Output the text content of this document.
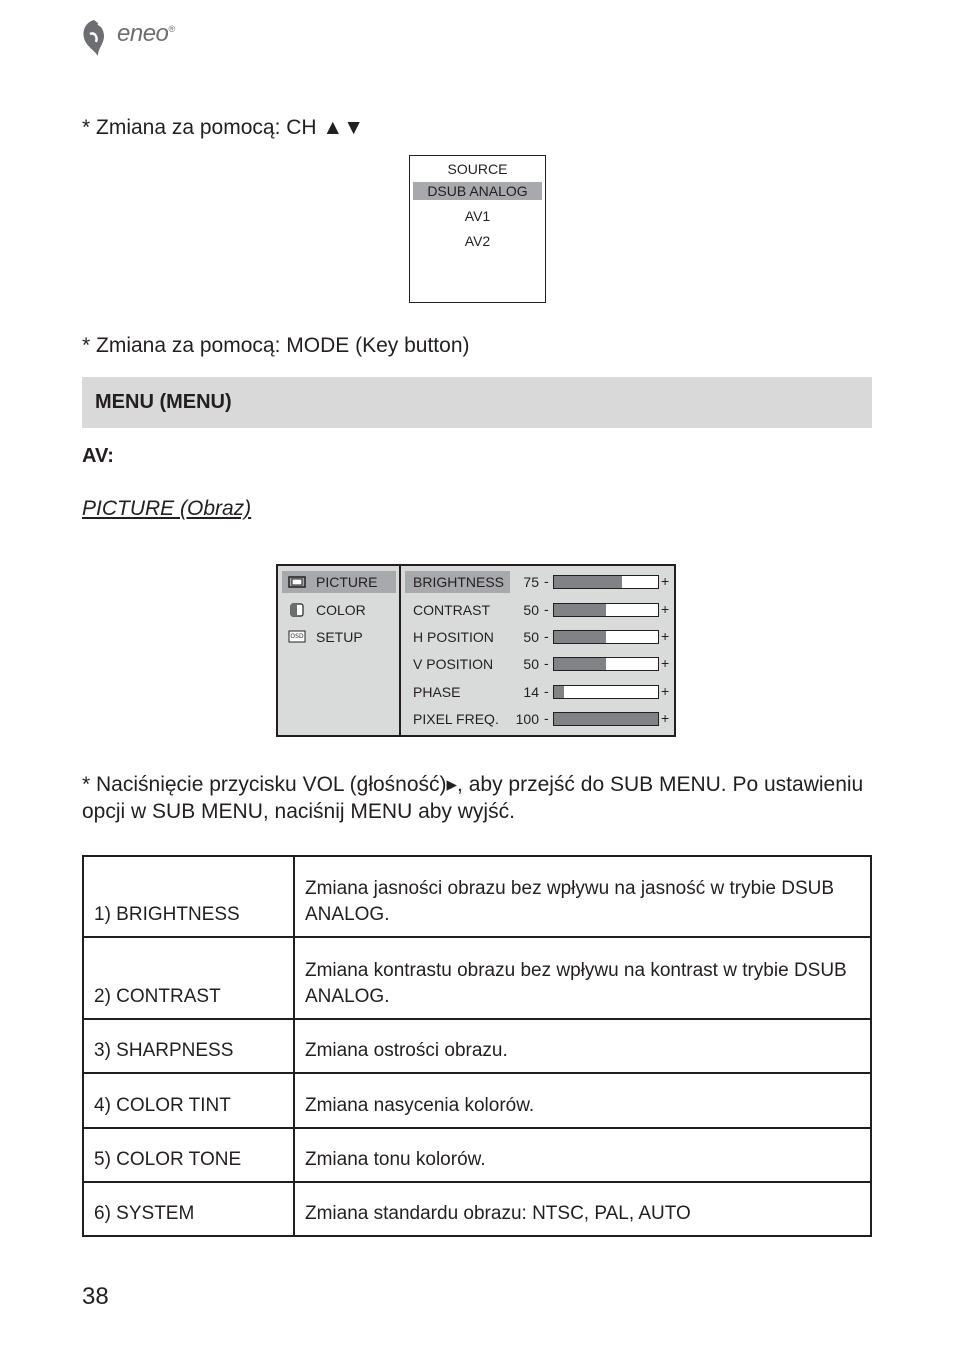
eneo®
* Zmiana za pomocą: CH ▲▼
SOURCE
DSUB ANALOG
AV1
AV2
* Zmiana za pomocą: MODE (Key button)
MENU (MENU)
AV:
PICTURE (Obraz)
PICTURE
COLOR
OSD SETUP
BRIGHTNESS	75 -	+
CONTRAST	50 -	+
H POSITION	50 -	+
V POSITION	50 -	+
PHASE	14 -	+
PIXEL FREQ.	100 -	+
* Naciśnięcie przycisku VOL (głośność)▸, aby przejść do SUB MENU. Po ustawieniu opcji w SUB MENU, naciśnij MENU aby wyjść.
1) BRIGHTNESS	Zmiana jasności obrazu bez wpływu na jasność w trybie DSUB ANALOG.
2) CONTRAST	Zmiana kontrastu obrazu bez wpływu na kontrast w trybie DSUB ANALOG.
3) SHARPNESS	Zmiana ostrości obrazu.
4) COLOR TINT	Zmiana nasycenia kolorów.
5) COLOR TONE	Zmiana tonu kolorów.
6) SYSTEM	Zmiana standardu obrazu: NTSC, PAL, AUTO
38
